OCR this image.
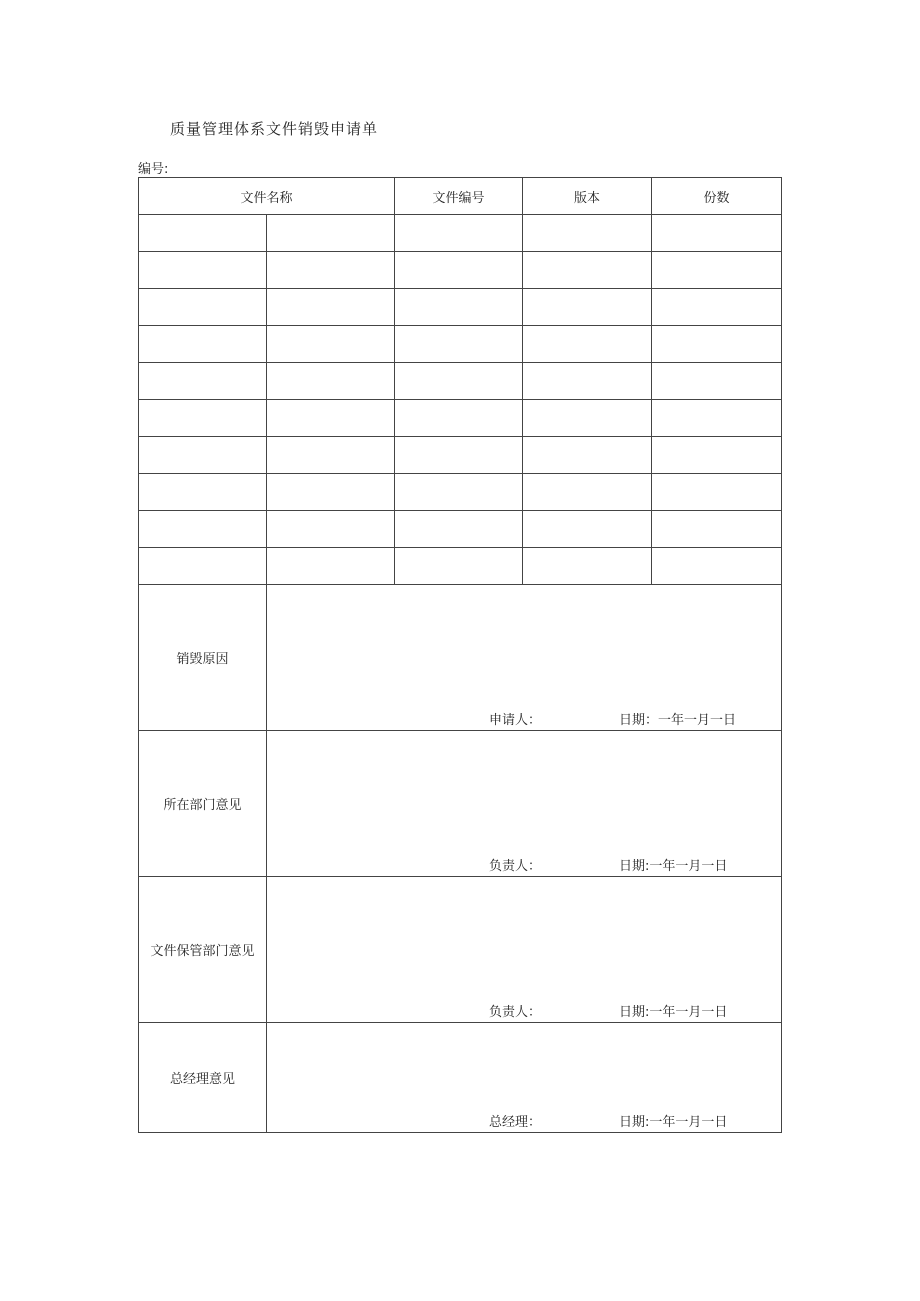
质量管理体系文件销毁申请单
编号:
文件名称		文件编号	版本	份数

销毁原因	申请人： 日期：一年一月一日			

所在部门意见	负责人： 日期:一年一月一日			

文件保管部门意见	负责人： 日期:一年一月一日			

总经理意见	总经理： 日期:一年一月一日			
